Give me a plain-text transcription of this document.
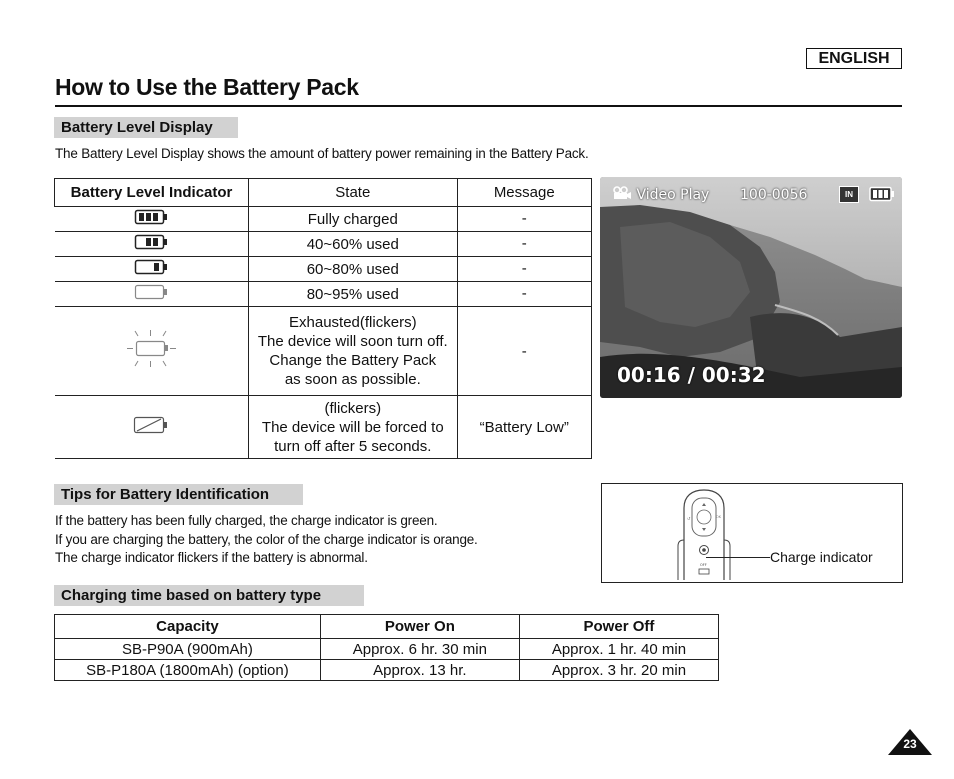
ENGLISH
How to Use the Battery Pack
Battery Level Display
The Battery Level Display shows the amount of battery power remaining in the Battery Pack.
Battery Level Indicator	State	Message
	Fully charged	-
	40~60% used	-
	60~80% used	-
	80~95% used	-

Exhausted(flickers)
The device will soon turn off.
Change the Battery Pack
as soon as possible.	-

(flickers)
The device will be forced to
turn off after 5 seconds.	“Battery Low”
Video Play 100-0056	IN
00:16 / 00:32
Tips for Battery Identification
If the battery has been fully charged, the charge indicator is green.
If you are charging the battery, the color of the charge indicator is orange.
The charge indicator flickers if the battery is abnormal.
↺	OK
OFF	Charge indicator
Charging time based on battery type
Capacity	Power On	Power Off
SB-P90A (900mAh)	Approx. 6 hr. 30 min	Approx. 1 hr. 40 min
SB-P180A (1800mAh) (option)	Approx. 13 hr.	Approx. 3 hr. 20 min
23
